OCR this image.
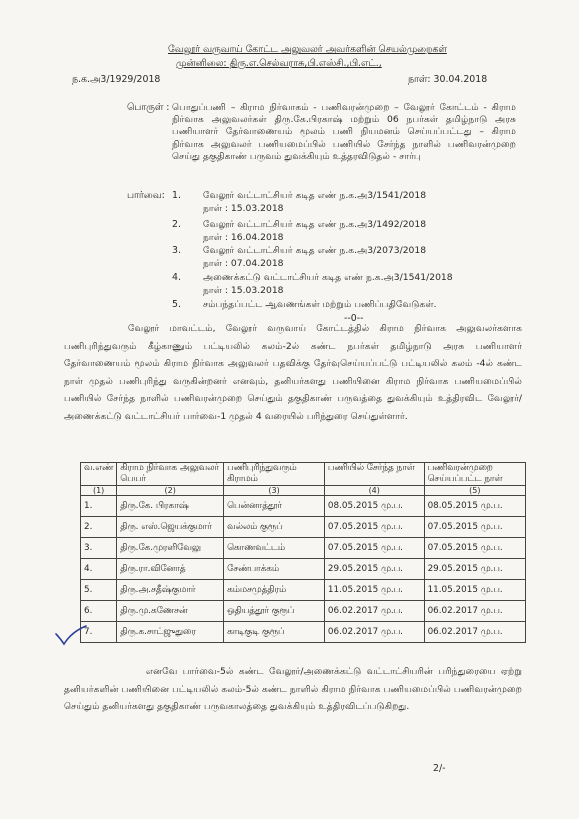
வேலூர் வருவாய் கோட்ட அலுவலர் அவர்களின் செயல்முறைகள்
முன்னிலை: திரு.எ.செல்வராசு,பி.எஸ்சி.,பி.எட்.,
ந.க.அ3/1929/2018	நாள்: 30.04.2018
பொருள் : பொதுப்பணி – கிராம நிர்வாகம் - பணிவரன்முறை – வேலூர் கோட்டம் - கிராம நிர்வாக அலுவலர்கள் திரு.கே.பிரகாஷ் மற்றும் 06 நபர்கள் தமிழ்நாடு அரசு பணியாளர் தேர்வாணையம் மூலம் பணி நியமனம் செய்யப்பட்டது – கிராம நிர்வாக அலுவலர் பணியமைப்பில் பணியில் சேர்ந்த நாளில் பணிவரன்முறை செய்து தகுதிகாண் பருவம் துவக்கியும் உத்தரவிடுதல் - சார்பு
பார்வை: 1.	வேலூர் வட்டாட்சியர் கடித எண் ந.க.அ3/1541/2018
நாள் : 15.03.2018
2.	வேலூர் வட்டாட்சியர் கடித எண் ந.க.அ3/1492/2018
நாள் : 16.04.2018
3.	வேலூர் வட்டாட்சியர் கடித எண் ந.க.அ3/2073/2018
நாள் : 07.04.2018
4.	அணைக்கட்டு வட்டாட்சியர் கடித எண் ந.க.அ3/1541/2018
நாள் : 15.03.2018
5.	சம்பந்தப்பட்ட ஆவணங்கள் மற்றும் பணிப்பதிவேடுகள்.
--0--
வேலூர் மாவட்டம், வேலூர் வருவாய் கோட்டத்தில் கிராம நிர்வாக அலுவலர்களாக பணிபுரிந்துவரும் கீழ்காணும் பட்டியலில் கலம்-2ல் கண்ட நபர்கள் தமிழ்நாடு அரசு பணியாளர் தேர்வாணையம் மூலம் கிராம நிர்வாக அலுவலர் பதவிக்கு தேர்வுசெய்யப்பட்டு பட்டியலில் கலம் -4ல் கண்ட நாள் முதல் பணிபுரிந்து வருகின்றனர் எனவும், தனியர்களது பணியினை கிராம நிர்வாக பணியமைப்பில் பணியில் சேர்ந்த நாளில் பணிவரன்முறை செய்தும் தகுதிகாண் பருவத்தை துவக்கியும் உத்திரவிட வேலூர்/அணைக்கட்டு வட்டாட்சியர் பார்வை-1 முதல் 4 வரையில் பரிந்துரை செய்துள்ளார்.
வ.எண்	கிராம நிர்வாக அலுவலர் பெயர்	பணிபுரிந்துவரும் கிராமம்	பணியில் சேர்ந்த நாள்	பணிவரன்முறை செய்யப்பட்ட நாள்
(1)	(2)	(3)	(4)	(5)
1.	திரு.கே. பிரகாஷ்	பென்னாத்தூர்	08.05.2015 மு.ப.	08.05.2015 மு.ப.
2.	திரு. எஸ்.ஜெயக்குமார்	வல்லம் குரூப்	07.05.2015 மு.ப.	07.05.2015 மு.ப.
3.	திரு.கே.முரளிவேலு	கொணவட்டம்	07.05.2015 மு.ப.	07.05.2015 மு.ப.
4.	திரு.ரா.வினோத்	சேண்பாக்கம்	29.05.2015 மு.ப.	29.05.2015 மு.ப.
5.	திரு.அ.சதீஷ்குமார்	கம்மசமுத்திரம்	11.05.2015 மு.ப.	11.05.2015 மு.ப.
6.	திரு.மு.கணேசன்	ஒதியத்தூர் குரூப்	06.02.2017 மு.ப.	06.02.2017 மு.ப.
7.	திரு.க.சாட்ஜுதுரை	காடிகுடி குரூப்	06.02.2017 மு.ப.	06.02.2017 மு.ப.
எனவே பார்வை-5ல் கண்ட வேலூர்/அணைக்கட்டு வட்டாட்சியரின் பரிந்துரையை ஏற்று தனியர்களின் பணியினை பட்டியலில் கலம்-5ல் கண்ட நாளில் கிராம நிர்வாக பணியமைப்பில் பணிவரன்முறை செய்தும் தனியர்களது தகுதிகாண் பருவகாலத்தை துவக்கியும் உத்திரவிடப்படுகிறது.
2/-
